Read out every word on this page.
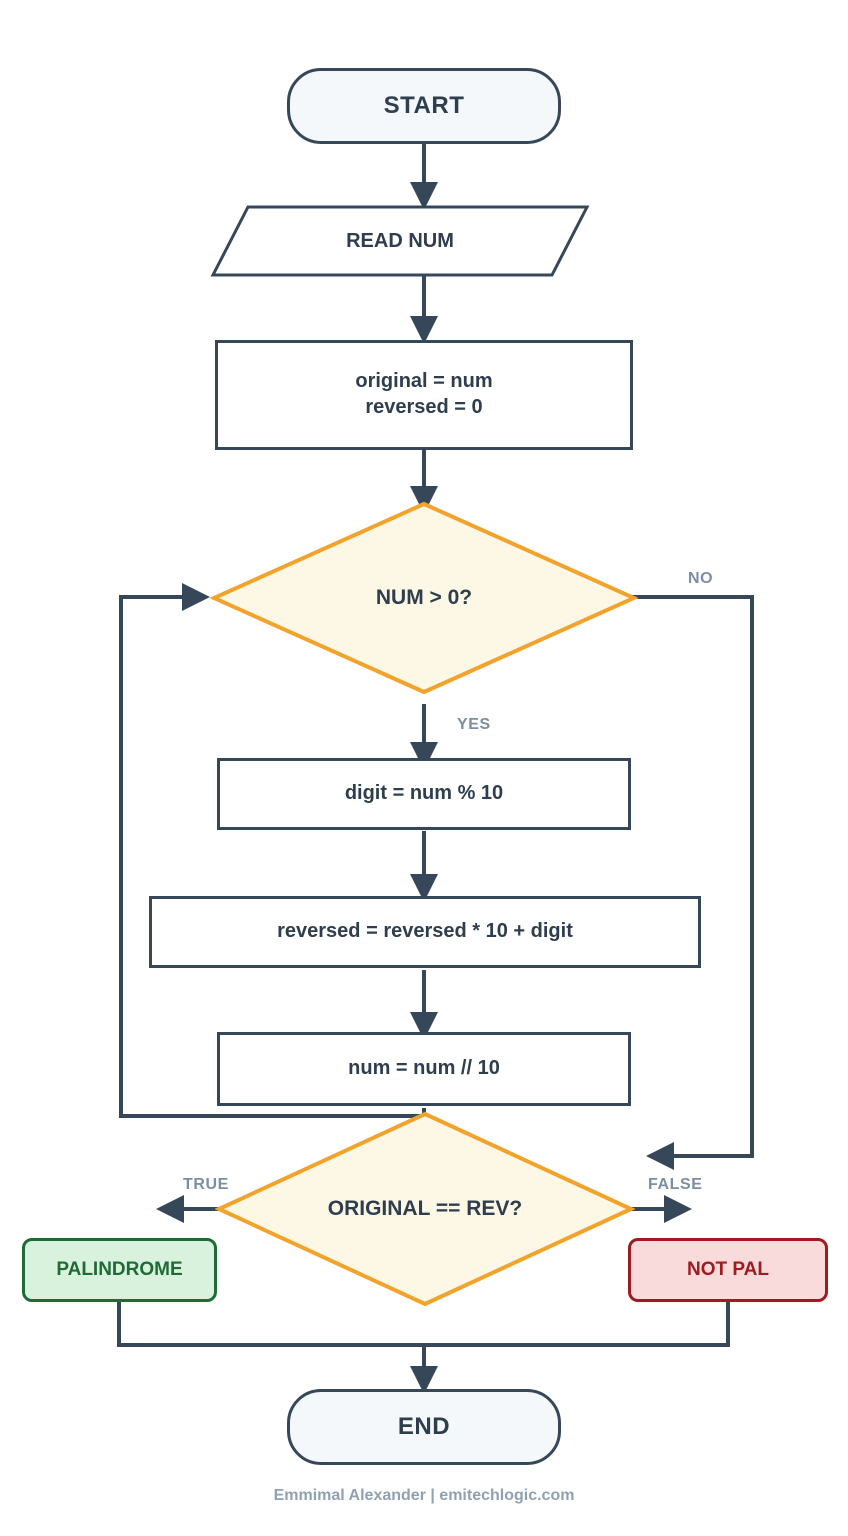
START
READ NUM
original = num
reversed = 0
NUM > 0?
digit = num % 10
reversed = reversed * 10 + digit
num = num // 10
ORIGINAL == REV?
PALINDROME	NOT PAL
END
NO
YES
TRUE	FALSE
Emmimal Alexander | emitechlogic.com
